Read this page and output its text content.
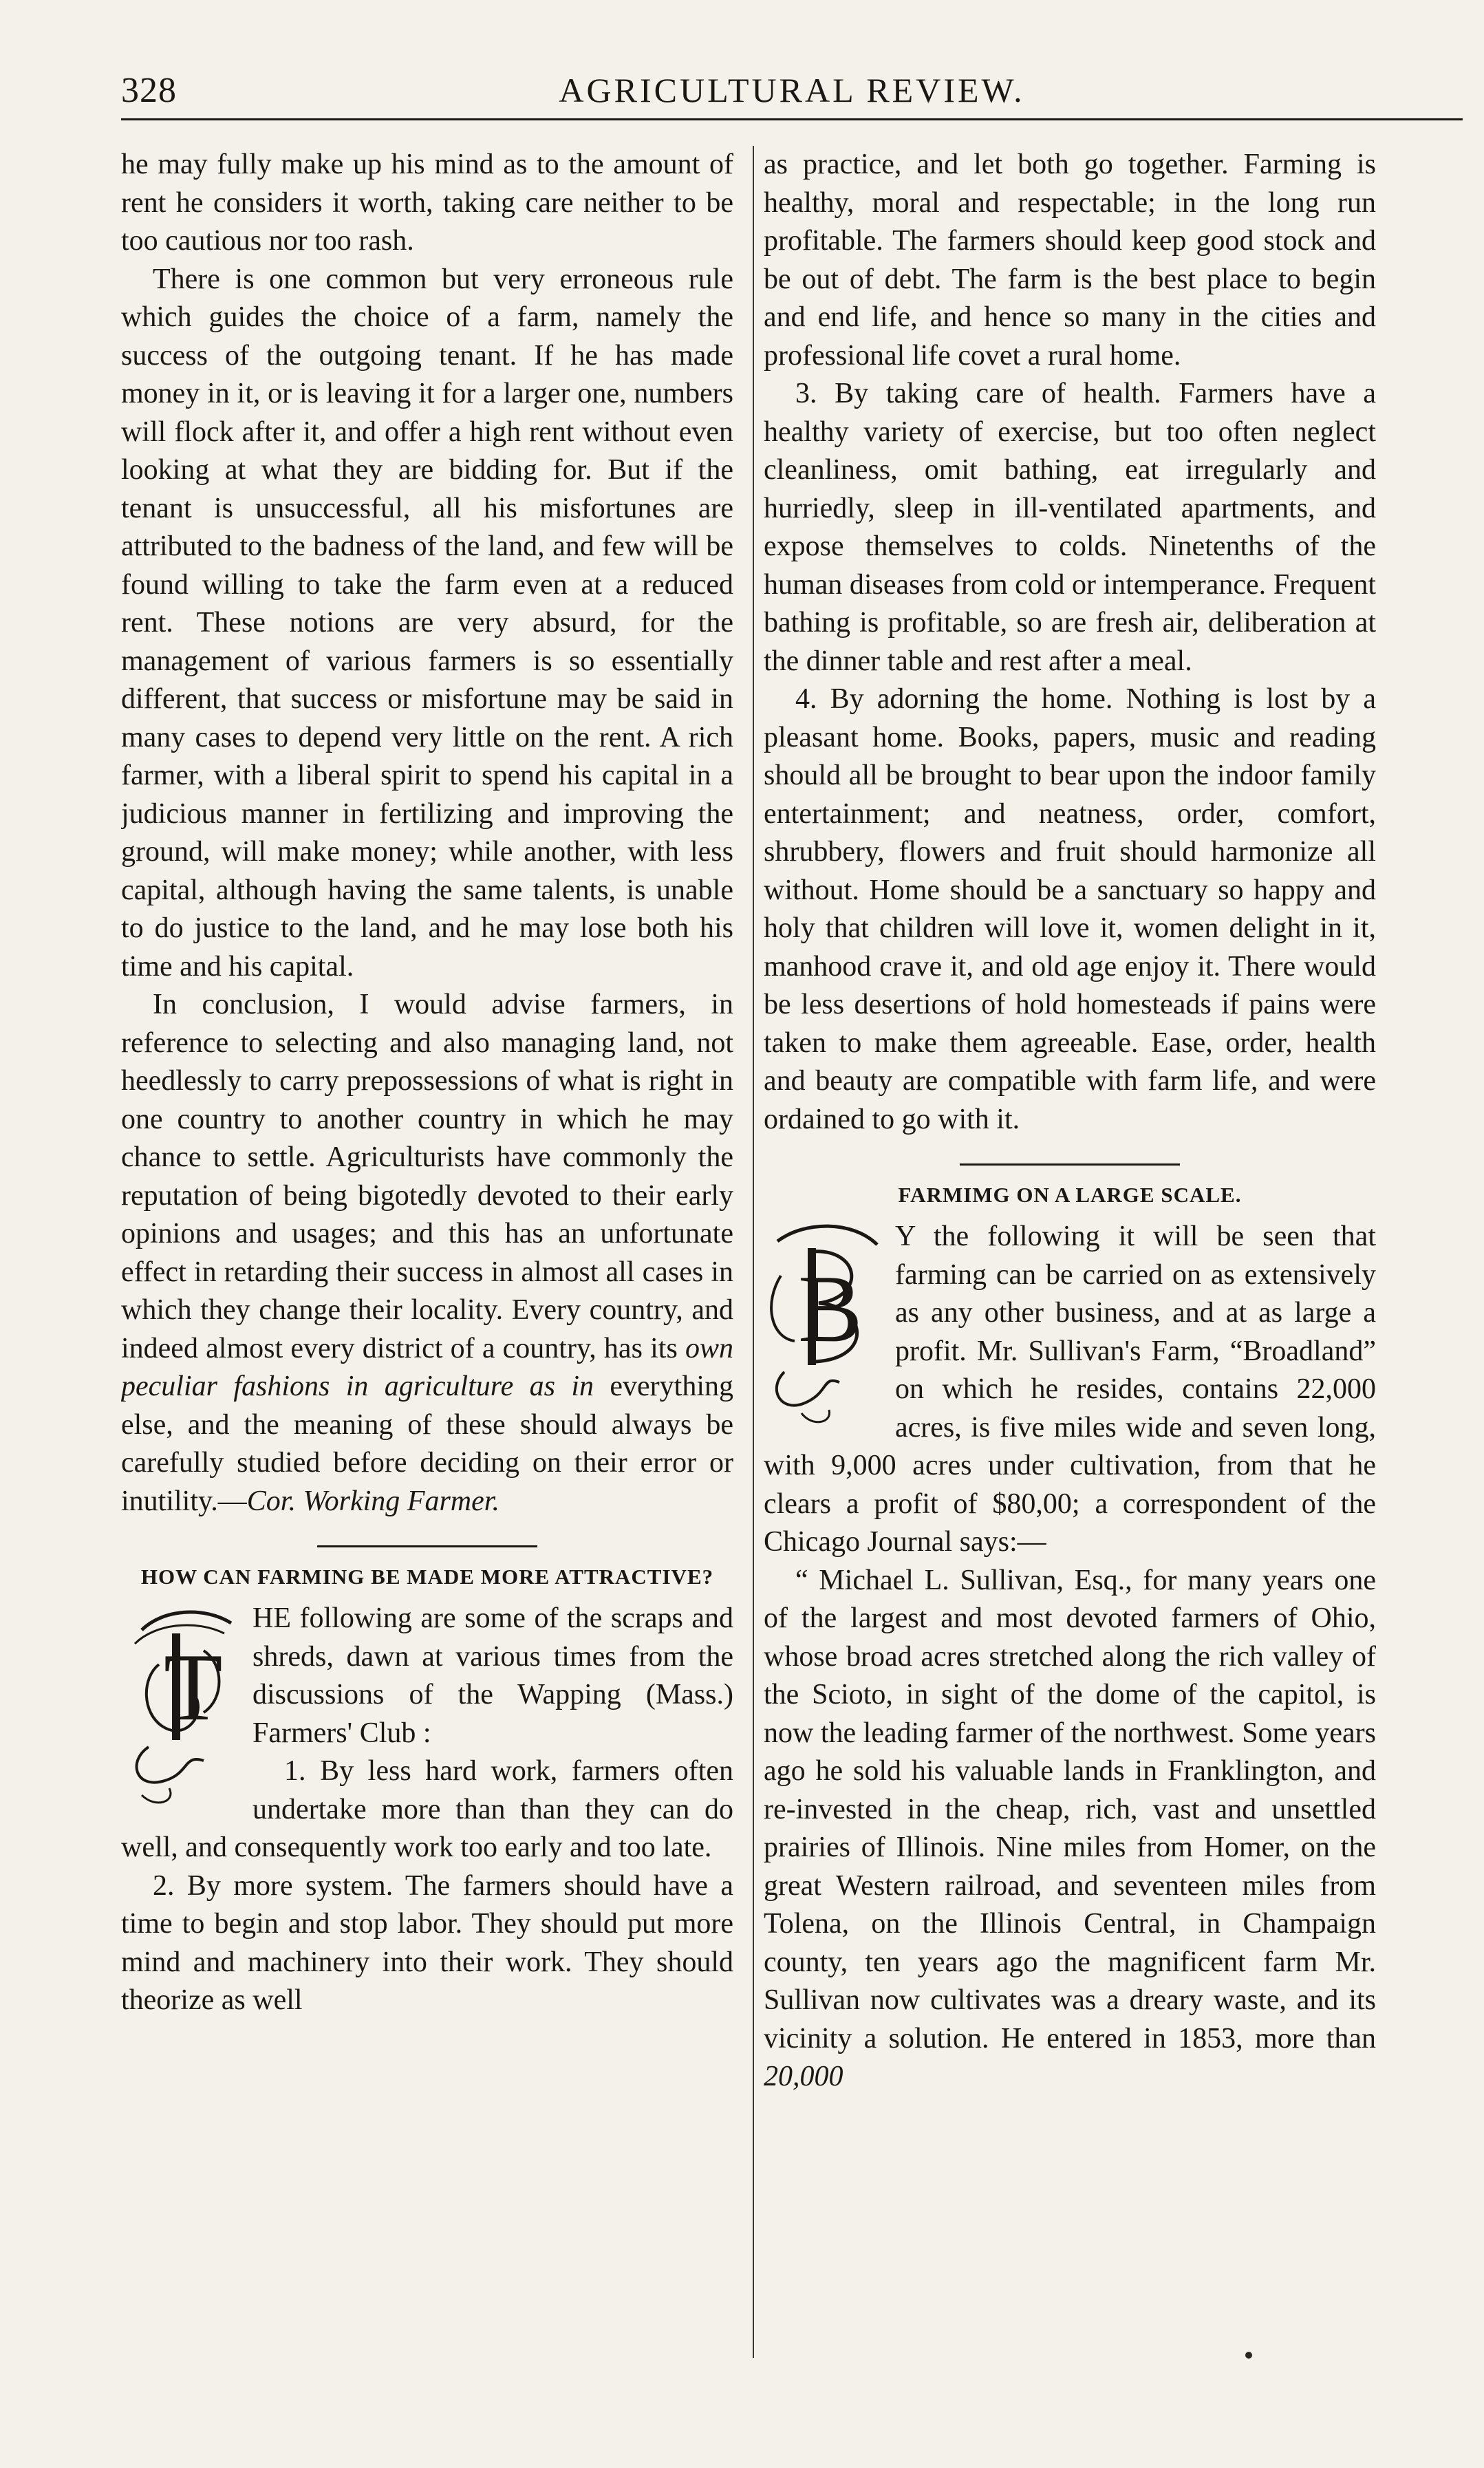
328	AGRICULTURAL REVIEW.

he may fully make up his mind as to the amount of rent he considers it worth, taking care neither to be too cautious nor too rash.

There is one common but very erroneous rule which guides the choice of a farm, namely the success of the outgoing tenant. If he has made money in it, or is leaving it for a larger one, numbers will flock after it, and offer a high rent without even looking at what they are bidding for. But if the tenant is unsuccessful, all his misfortunes are attributed to the badness of the land, and few will be found willing to take the farm even at a reduced rent. These notions are very absurd, for the management of various farmers is so essentially different, that success or misfortune may be said in many cases to depend very little on the rent. A rich farmer, with a liberal spirit to spend his capital in a judicious manner in fertilizing and improving the ground, will make money; while another, with less capital, although having the same talents, is unable to do justice to the land, and he may lose both his time and his capital.

In conclusion, I would advise farmers, in reference to selecting and also managing land, not heedlessly to carry prepossessions of what is right in one country to another country in which he may chance to settle. Agriculturists have commonly the reputation of being bigotedly devoted to their early opinions and usages; and this has an unfortunate effect in retarding their success in almost all cases in which they change their locality. Every country, and indeed almost every district of a country, has its own peculiar fashions in agriculture as in everything else, and the meaning of these should always be carefully studied before deciding on their error or inutility.—Cor. Working Farmer.

HOW CAN FARMING BE MADE MORE ATTRACTIVE?
T

HE following are some of the scraps and shreds, dawn at various times from the discussions of the Wapping (Mass.) Farmers' Club :

1. By less hard work, farmers often undertake more than than they can do well, and consequently work too early and too late.

2. By more system. The farmers should have a time to begin and stop labor. They should put more mind and machinery into their work. They should theorize as well

as practice, and let both go together. Farming is healthy, moral and respectable; in the long run profitable. The farmers should keep good stock and be out of debt. The farm is the best place to begin and end life, and hence so many in the cities and professional life covet a rural home.

3. By taking care of health. Farmers have a healthy variety of exercise, but too often neglect cleanliness, omit bathing, eat irregularly and hurriedly, sleep in ill-ventilated apartments, and expose themselves to colds. Ninetenths of the human diseases from cold or intemperance. Frequent bathing is profitable, so are fresh air, deliberation at the dinner table and rest after a meal.

4. By adorning the home. Nothing is lost by a pleasant home. Books, papers, music and reading should all be brought to bear upon the indoor family entertainment; and neatness, order, comfort, shrubbery, flowers and fruit should harmonize all without. Home should be a sanctuary so happy and holy that children will love it, women delight in it, manhood crave it, and old age enjoy it. There would be less desertions of hold homesteads if pains were taken to make them agreeable. Ease, order, health and beauty are compatible with farm life, and were ordained to go with it.

FARMIMG ON A LARGE SCALE.
B

Y the following it will be seen that farming can be carried on as extensively as any other business, and at as large a profit. Mr. Sullivan's Farm, “Broadland” on which he resides, contains 22,000 acres, is five miles wide and seven long, with 9,000 acres under cultivation, from that he clears a profit of $80,00; a correspondent of the Chicago Journal says:—

“ Michael L. Sullivan, Esq., for many years one of the largest and most devoted farmers of Ohio, whose broad acres stretched along the rich valley of the Scioto, in sight of the dome of the capitol, is now the leading farmer of the northwest. Some years ago he sold his valuable lands in Franklington, and re-invested in the cheap, rich, vast and unsettled prairies of Illinois. Nine miles from Homer, on the great Western railroad, and seventeen miles from Tolena, on the Illinois Central, in Champaign county, ten years ago the magnificent farm Mr. Sullivan now cultivates was a dreary waste, and its vicinity a solution. He entered in 1853, more than 20,000
